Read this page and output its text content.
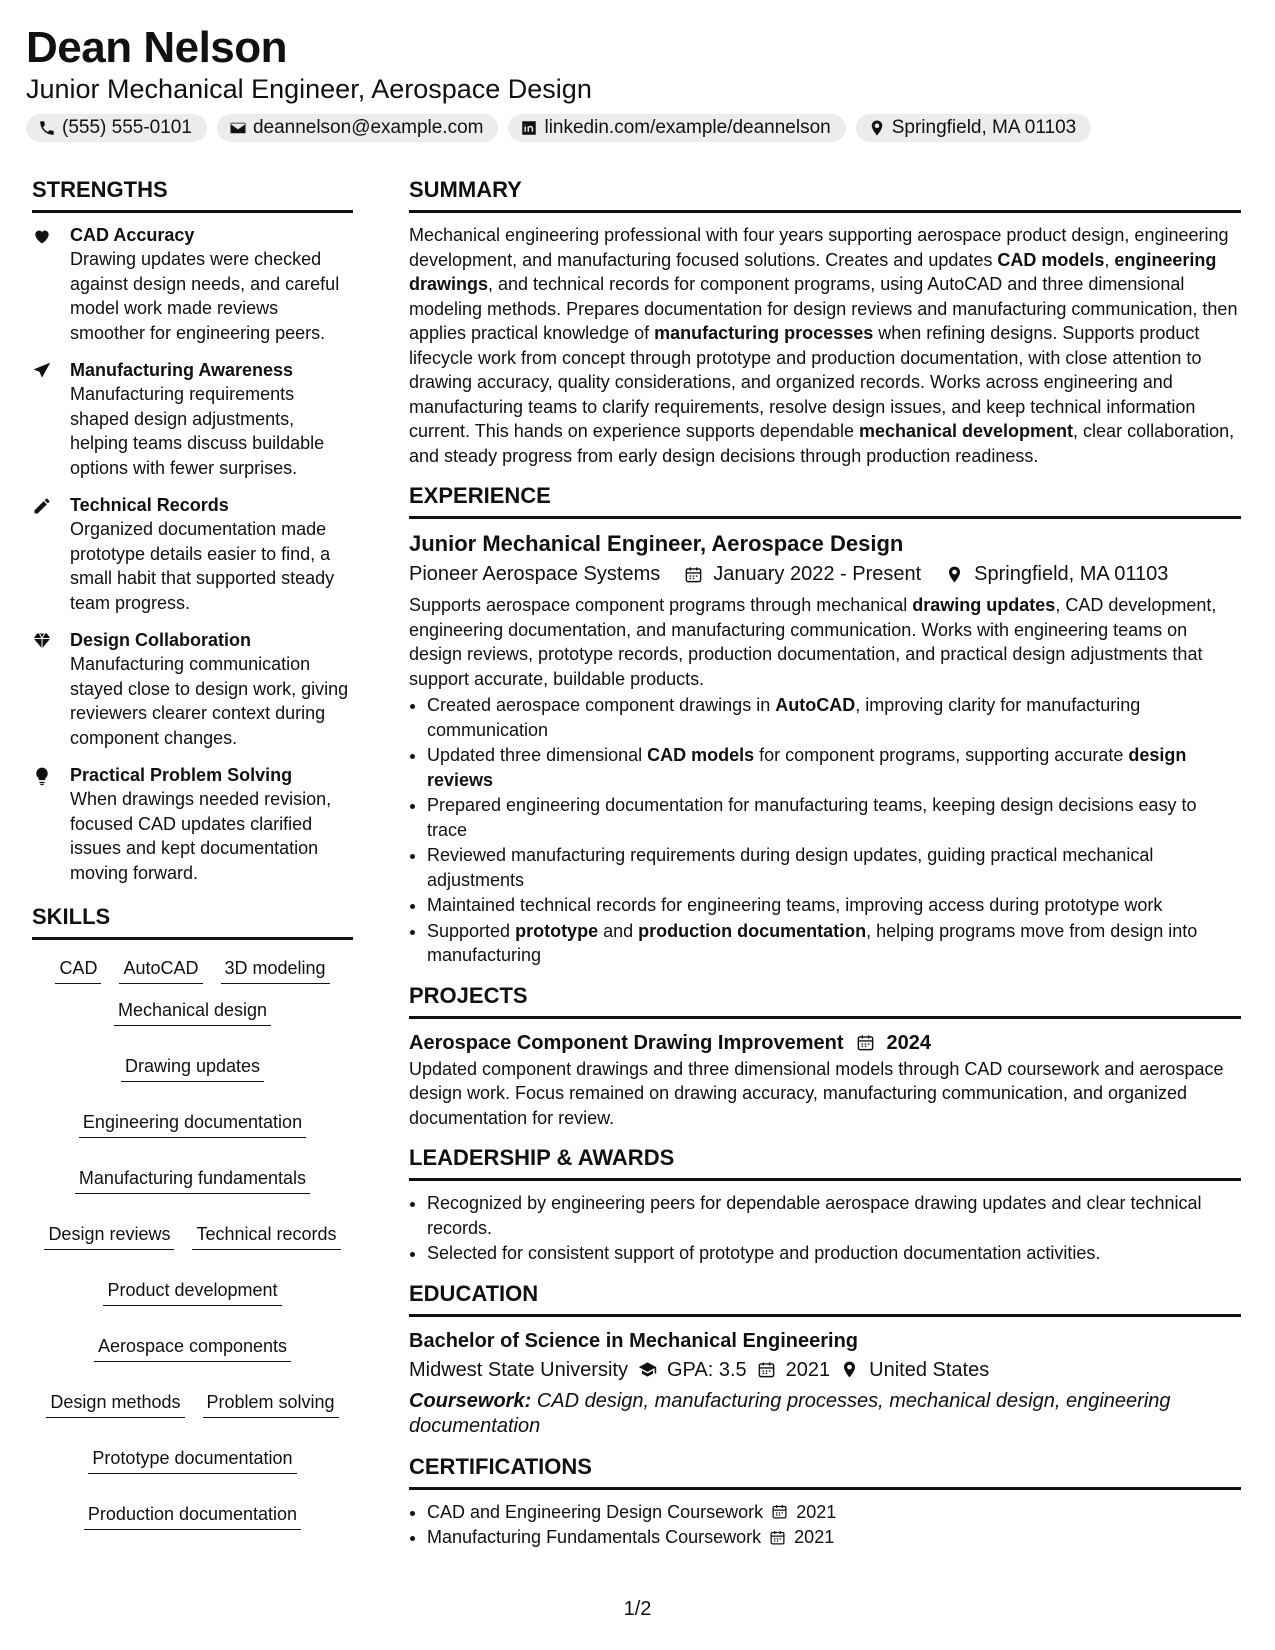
Dean Nelson
Junior Mechanical Engineer, Aerospace Design
(555) 555-0101	deannelson@example.com	linkedin.com/example/deannelson	Springfield, MA 01103
STRENGTHS
CAD Accuracy
Drawing updates were checked against design needs, and careful model work made reviews smoother for engineering peers.
Manufacturing Awareness
Manufacturing requirements shaped design adjustments, helping teams discuss buildable options with fewer surprises.
Technical Records
Organized documentation made prototype details easier to find, a small habit that supported steady team progress.
Design Collaboration
Manufacturing communication stayed close to design work, giving reviewers clearer context during component changes.
Practical Problem Solving
When drawings needed revision, focused CAD updates clarified issues and kept documentation moving forward.
SKILLS
CAD AutoCAD 3D modeling
Mechanical design
Drawing updates
Engineering documentation
Manufacturing fundamentals
Design reviews Technical records
Product development
Aerospace components
Design methods Problem solving
Prototype documentation
Production documentation
SUMMARY
Mechanical engineering professional with four years supporting aerospace product design, engineering development, and manufacturing focused solutions. Creates and updates CAD models, engineering drawings, and technical records for component programs, using AutoCAD and three dimensional modeling methods. Prepares documentation for design reviews and manufacturing communication, then applies practical knowledge of manufacturing processes when refining designs. Supports product lifecycle work from concept through prototype and production documentation, with close attention to drawing accuracy, quality considerations, and organized records. Works across engineering and manufacturing teams to clarify requirements, resolve design issues, and keep technical information current. This hands on experience supports dependable mechanical development, clear collaboration, and steady progress from early design decisions through production readiness.
EXPERIENCE
Junior Mechanical Engineer, Aerospace Design
Pioneer Aerospace Systems	January 2022 - Present	Springfield, MA 01103
Supports aerospace component programs through mechanical drawing updates, CAD development, engineering documentation, and manufacturing communication. Works with engineering teams on design reviews, prototype records, production documentation, and practical design adjustments that support accurate, buildable products.
• Created aerospace component drawings in AutoCAD, improving clarity for manufacturing communication
• Updated three dimensional CAD models for component programs, supporting accurate design reviews
• Prepared engineering documentation for manufacturing teams, keeping design decisions easy to trace
• Reviewed manufacturing requirements during design updates, guiding practical mechanical adjustments
• Maintained technical records for engineering teams, improving access during prototype work
• Supported prototype and production documentation, helping programs move from design into manufacturing
PROJECTS
Aerospace Component Drawing Improvement 2024
Updated component drawings and three dimensional models through CAD coursework and aerospace design work. Focus remained on drawing accuracy, manufacturing communication, and organized documentation for review.
LEADERSHIP & AWARDS
• Recognized by engineering peers for dependable aerospace drawing updates and clear technical records.
• Selected for consistent support of prototype and production documentation activities.
EDUCATION
Bachelor of Science in Mechanical Engineering
Midwest State University GPA: 3.5 2021 United States
Coursework: CAD design, manufacturing processes, mechanical design, engineering documentation
CERTIFICATIONS
• CAD and Engineering Design Coursework 2021
• Manufacturing Fundamentals Coursework 2021
1/2
